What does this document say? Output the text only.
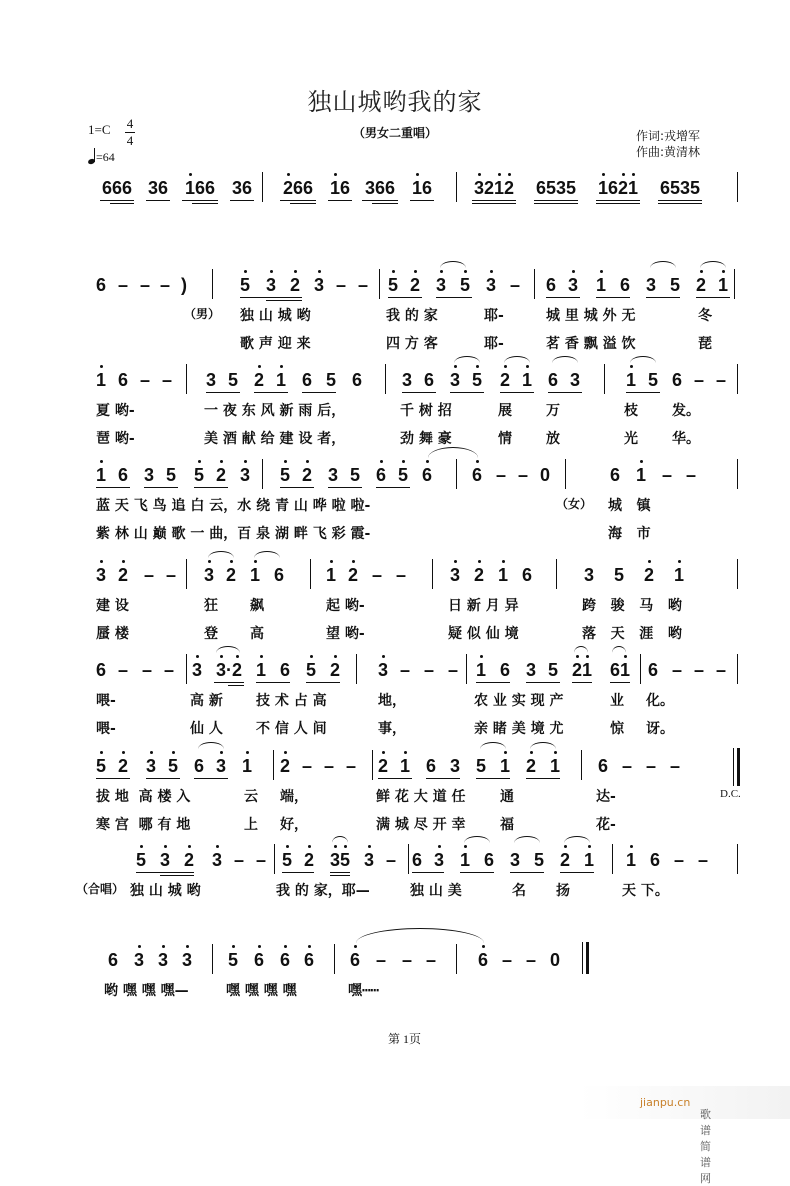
独山城哟我的家
1=C 4
4
=64
（男女二重唱）	作词:戎增军
作曲:黄清林
666 36 1
66 36 2
66 1
6 366 1
6 3
21
2 6535 1
62
1 6535
6 – – – )	5 3 2 3 – – 5 2 3 5 3 – 6 3 1 6 3 5 2 1
（男） 独 山 城 哟	我 的 家	耶-	城 里 城 外 无	冬
歌 声 迎 来	四 方 客	耶-	茗 香 飘 溢 饮	琵
1 6 – – 3 5 2 1 6 5 6 3 6 3 5 2 1 6 3	1 5 6 – –
夏 哟-	一 夜 东 风 新 雨 后，	千 树 招	展 万	枝 发。
琶 哟-	美 酒 献 给 建 设 者，	劲 舞 豪	情 放	光 华。
1 6 3 5 5 2 3 5 2 3 5 6 5 6 6 – – 0	6 1 – –
蓝 天 飞 鸟 追 白 云，水 绕 青 山 哗 啦 啦-	（女） 城   镇
紫 林 山 巅 歌 一 曲，百 泉 湖 畔 飞 彩 霞-	海   市
3 2 – – 3 2 1 6 1 2 – – 3 2 1 6	3 5 2 1
建 设	狂 飙	起 哟-	日 新 月 异	跨   骏   马   哟
蜃 楼	登 高	望 哟-	疑 似 仙 境	落   天   涯   哟
6 – – – 3 3
·2 1 6 5 2 3 – – – 1 6 3 5 2
1 61 6 – – –
喂-	高 新 技 术 占 高	地，	农 业 实 现 产	业 化。
喂-	仙 人 不 信 人 间	事，	亲 睹 美 境 尤	惊 讶。
5 2 3 5 6 3 1 2 – – – 2 1 6 3 5 1 2 1 6 – – –
D.C.
拔 地  高 楼 入	云 端，	鲜 花 大 道 任 通	达-
寒 宫  哪 有 地	上 好，	满 城 尽 开 幸 福	花-
5 3 2 3 – – 5 2 3
5 3 – 6 3 1 6 3 5 2 1 1 6 – –
（合唱） 独 山 城 哟	我 的 家，耶—	独 山 美	名 扬	天 下。
6 3 3 3 5 6 6 6 6 – – – 6 – – 0
哟 嘿 嘿 嘿—	嘿 嘿 嘿 嘿	嘿┅┅
第 1页
歌谱简谱网
jianpu.cn
